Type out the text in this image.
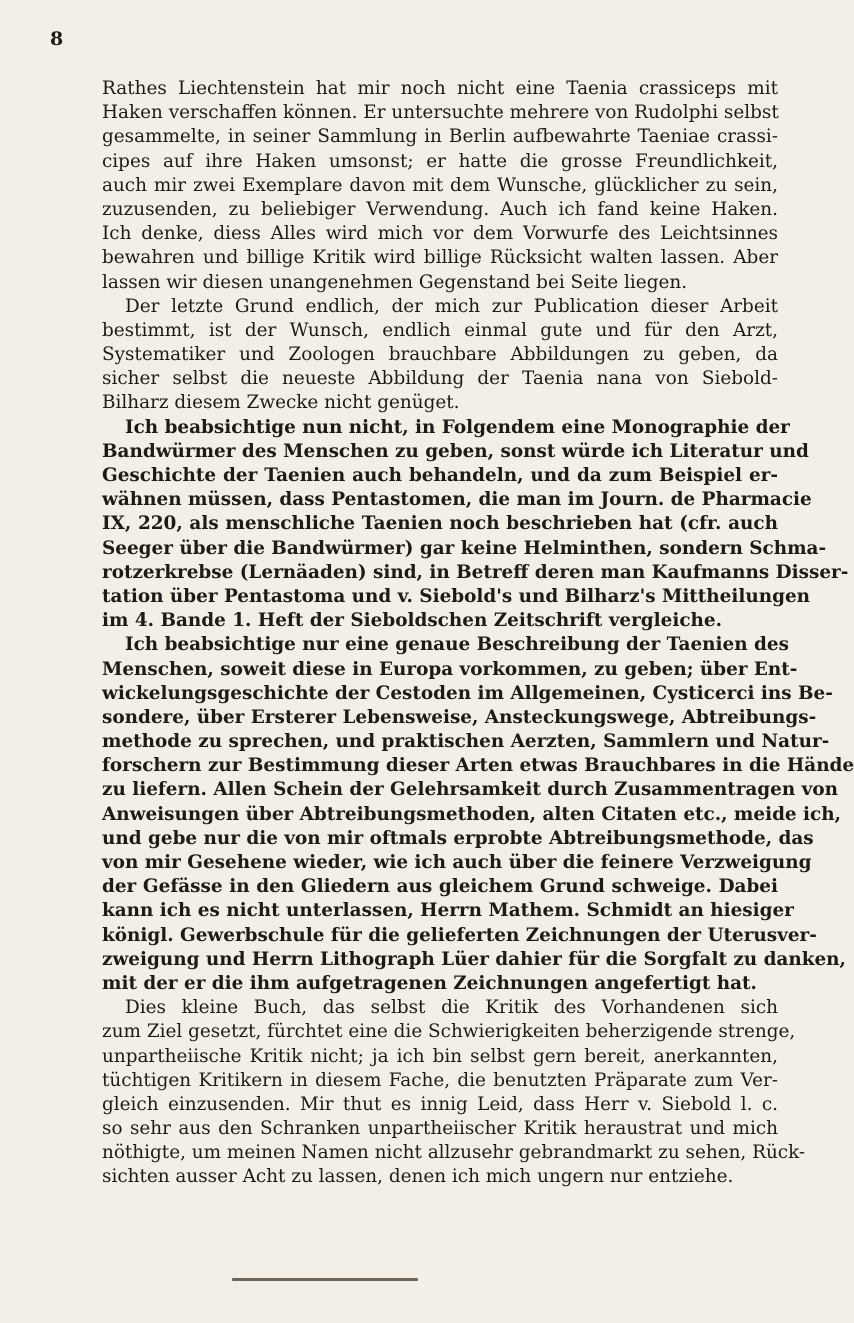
8
Rathes Liechtenstein hat mir noch nicht eine Taenia crassiceps mit
Haken verschaffen können. Er untersuchte mehrere von Rudolphi selbst
gesammelte, in seiner Sammlung in Berlin aufbewahrte Taeniae crassi-
cipes auf ihre Haken umsonst; er hatte die grosse Freundlichkeit,
auch mir zwei Exemplare davon mit dem Wunsche, glücklicher zu sein,
zuzusenden, zu beliebiger Verwendung. Auch ich fand keine Haken.
Ich denke, diess Alles wird mich vor dem Vorwurfe des Leichtsinnes
bewahren und billige Kritik wird billige Rücksicht walten lassen. Aber
lassen wir diesen unangenehmen Gegenstand bei Seite liegen.
Der letzte Grund endlich, der mich zur Publication dieser Arbeit
bestimmt, ist der Wunsch, endlich einmal gute und für den Arzt,
Systematiker und Zoologen brauchbare Abbildungen zu geben, da
sicher selbst die neueste Abbildung der Taenia nana von Siebold-
Bilharz diesem Zwecke nicht genüget.
Ich beabsichtige nun nicht, in Folgendem eine Monographie der
Bandwürmer des Menschen zu geben, sonst würde ich Literatur und
Geschichte der Taenien auch behandeln, und da zum Beispiel er-
wähnen müssen, dass Pentastomen, die man im Journ. de Pharmacie
IX, 220, als menschliche Taenien noch beschrieben hat (cfr. auch
Seeger über die Bandwürmer) gar keine Helminthen, sondern Schma-
rotzerkrebse (Lernäaden) sind, in Betreff deren man Kaufmanns Disser-
tation über Pentastoma und v. Siebold's und Bilharz's Mittheilungen
im 4. Bande 1. Heft der Sieboldschen Zeitschrift vergleiche.
Ich beabsichtige nur eine genaue Beschreibung der Taenien des
Menschen, soweit diese in Europa vorkommen, zu geben; über Ent-
wickelungsgeschichte der Cestoden im Allgemeinen, Cysticerci ins Be-
sondere, über Ersterer Lebensweise, Ansteckungswege, Abtreibungs-
methode zu sprechen, und praktischen Aerzten, Sammlern und Natur-
forschern zur Bestimmung dieser Arten etwas Brauchbares in die Hände
zu liefern. Allen Schein der Gelehrsamkeit durch Zusammentragen von
Anweisungen über Abtreibungsmethoden, alten Citaten etc., meide ich,
und gebe nur die von mir oftmals erprobte Abtreibungsmethode, das
von mir Gesehene wieder, wie ich auch über die feinere Verzweigung
der Gefässe in den Gliedern aus gleichem Grund schweige. Dabei
kann ich es nicht unterlassen, Herrn Mathem. Schmidt an hiesiger
königl. Gewerbschule für die gelieferten Zeichnungen der Uterusver-
zweigung und Herrn Lithograph Lüer dahier für die Sorgfalt zu danken,
mit der er die ihm aufgetragenen Zeichnungen angefertigt hat.
Dies kleine Buch, das selbst die Kritik des Vorhandenen sich
zum Ziel gesetzt, fürchtet eine die Schwierigkeiten beherzigende strenge,
unpartheiische Kritik nicht; ja ich bin selbst gern bereit, anerkannten,
tüchtigen Kritikern in diesem Fache, die benutzten Präparate zum Ver-
gleich einzusenden. Mir thut es innig Leid, dass Herr v. Siebold l. c.
so sehr aus den Schranken unpartheiischer Kritik heraustrat und mich
nöthigte, um meinen Namen nicht allzusehr gebrandmarkt zu sehen, Rück-
sichten ausser Acht zu lassen, denen ich mich ungern nur entziehe.
